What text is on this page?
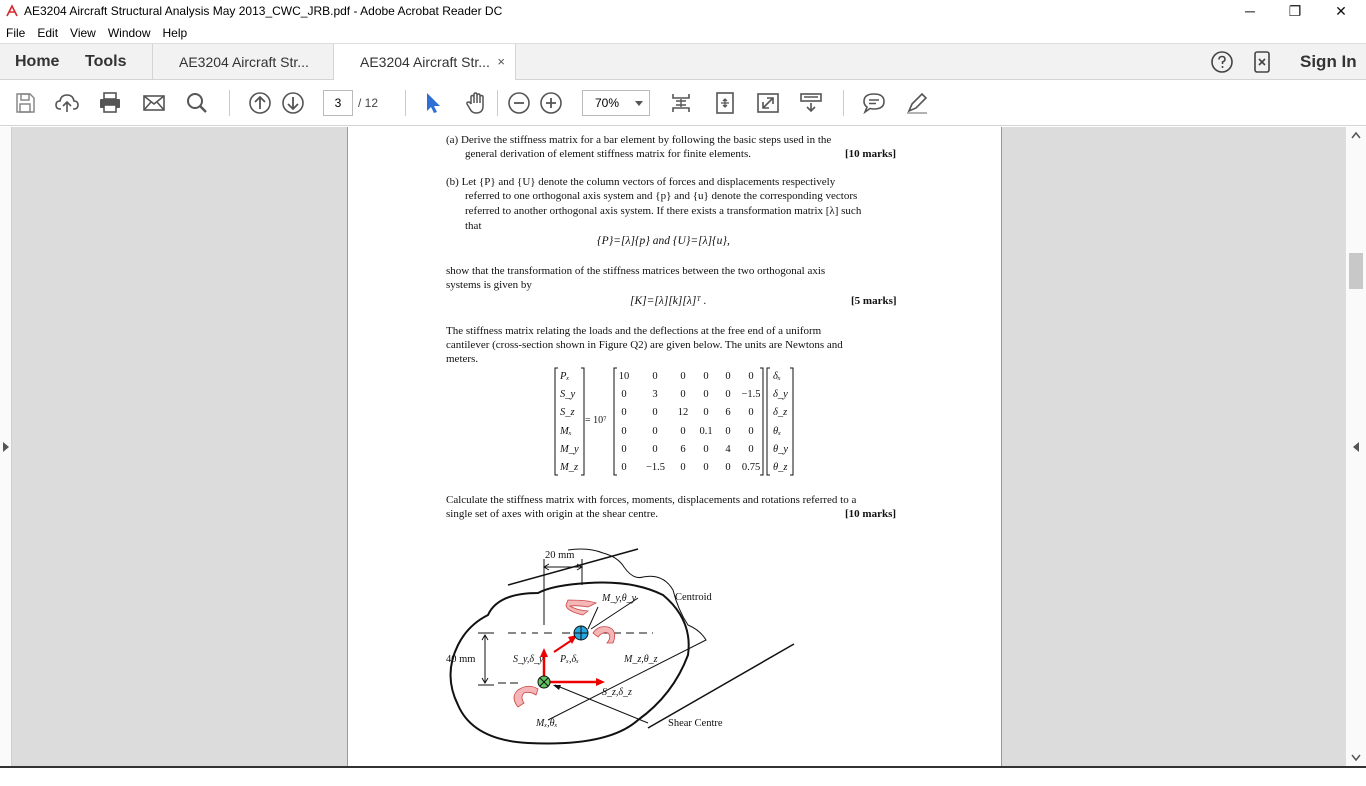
AE3204 Aircraft Structural Analysis May 2013_CWC_JRB.pdf - Adobe Acrobat Reader DC	─	❐	✕
File	Edit	View	Window	Help
Home Tools	AE3204 Aircraft Str...	AE3204 Aircraft Str... ×	Sign In
3	/ 12	70%
(a) Derive the stiffness matrix for a bar element by following the basic steps used in the
general derivation of element stiffness matrix for finite elements.	[10 marks]
(b) Let {P} and {U} denote the column vectors of forces and displacements respectively
referred to one orthogonal axis system and {p} and {u} denote the corresponding vectors
referred to another orthogonal axis system. If there exists a transformation matrix [λ] such
that
{P}=[λ]{p} and {U}=[λ]{u},
show that the transformation of the stiffness matrices between the two orthogonal axis
systems is given by
[K]=[λ][k][λ]ᵀ .	[5 marks]
The stiffness matrix relating the loads and the deflections at the free end of a uniform
cantilever (cross-section shown in Figure Q2) are given below. The units are Newtons and
meters.
Pₓ
S_y
S_z
Mₓ
M_y
M_z
= 10⁷
10	0	0	0	0	0
0	3	0	0	0	−1.5
0	0	12	0	6	0
0	0	0	0.1	0	0
0	0	6	0	4	0
0	−1.5	0	0	0	0.75
δₓ
δ_y
δ_z
θₓ
θ_y
θ_z
Calculate the stiffness matrix with forces, moments, displacements and rotations referred to a
single set of axes with origin at the shear centre.	[10 marks]
20 mm
40 mm
M_y,θ_y	Centroid
S_y,δ_y Pₓ,δₓ	M_z,θ_z
S_z,δ_z
Mₓ,θₓ	Shear Centre
